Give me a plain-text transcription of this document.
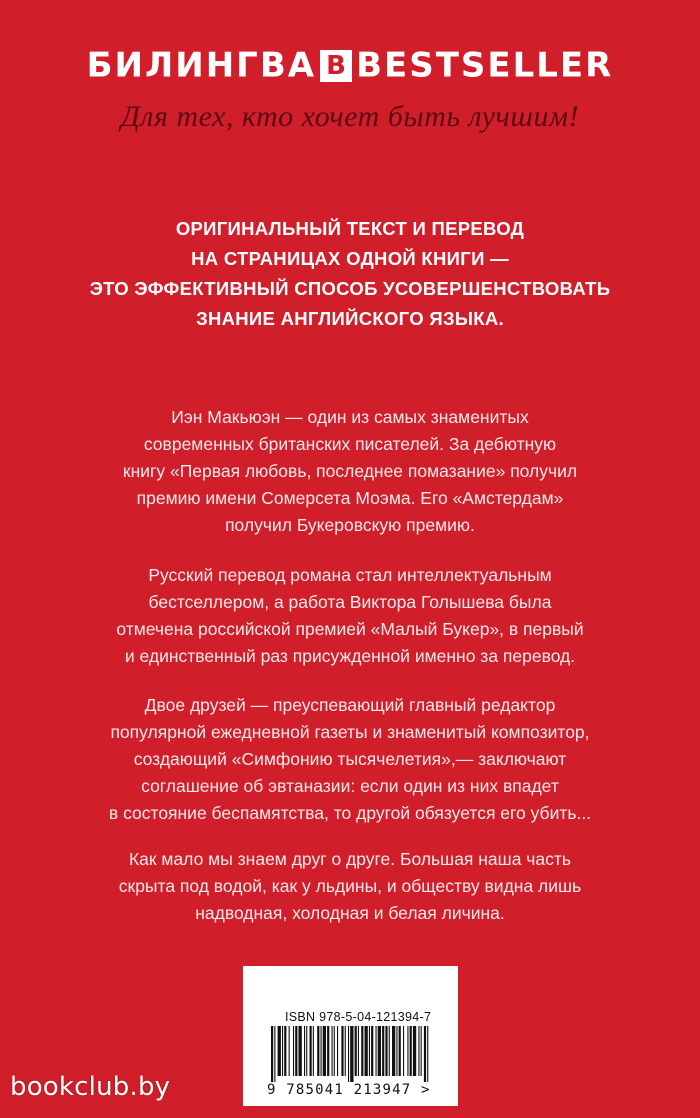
БИЛИНГВА B BESTSELLER
Для тех, кто хочет быть лучшим!
ОРИГИНАЛЬНЫЙ ТЕКСТ И ПЕРЕВОД
НА СТРАНИЦАХ ОДНОЙ КНИГИ —
ЭТО ЭФФЕКТИВНЫЙ СПОСОБ УСОВЕРШЕНСТВОВАТЬ
ЗНАНИЕ АНГЛИЙСКОГО ЯЗЫКА.
Иэн Макьюэн — один из самых знаменитых
современных британских писателей. За дебютную
книгу «Первая любовь, последнее помазание» получил
премию имени Сомерсета Моэма. Его «Амстердам»
получил Букеровскую премию.
Русский перевод романа стал интеллектуальным
бестселлером, а работа Виктора Голышева была
отмечена российской премией «Малый Букер», в первый
и единственный раз присужденной именно за перевод.
Двое друзей — преуспевающий главный редактор
популярной ежедневной газеты и знаменитый композитор,
создающий «Симфонию тысячелетия»,— заключают
соглашение об эвтаназии: если один из них впадет
в состояние беспамятства, то другой обязуется его убить...
Как мало мы знаем друг о друге. Большая наша часть
скрыта под водой, как у льдины, и обществу видна лишь
надводная, холодная и белая личина.
ISBN 978-5-04-121394-7
9 785041 213947 >
bookclub.by
